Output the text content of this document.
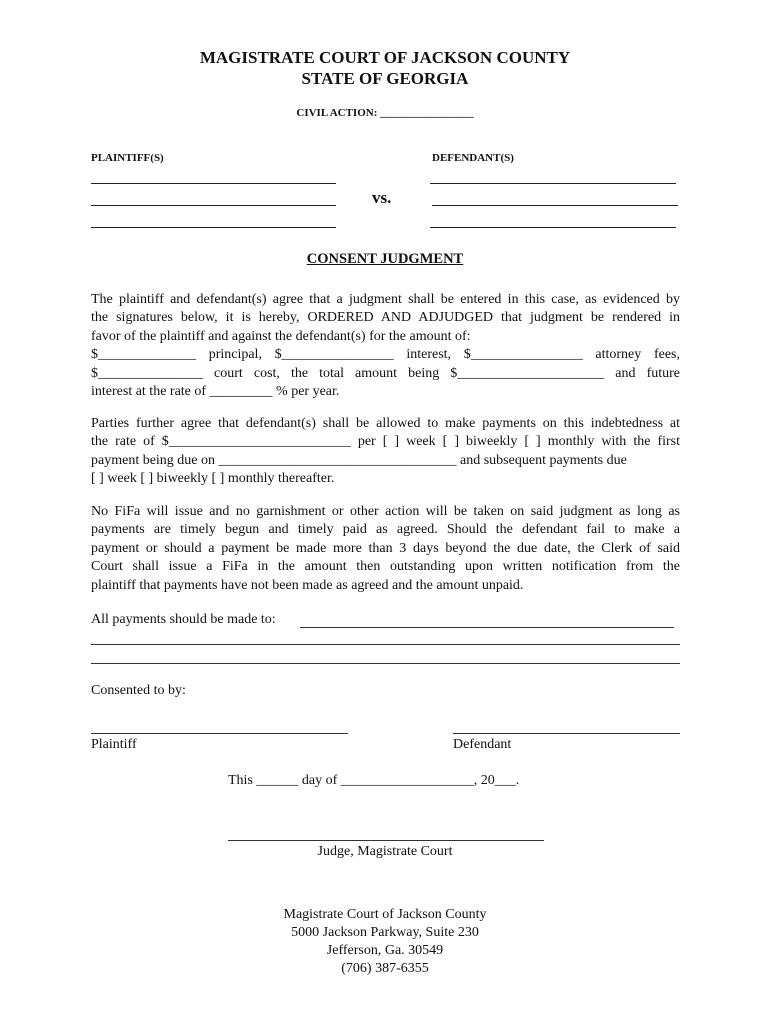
MAGISTRATE COURT OF JACKSON COUNTY
STATE OF GEORGIA
CIVIL ACTION: _________________
PLAINTIFF(S)	DEFENDANT(S)
vs.
CONSENT JUDGMENT
The plaintiff and defendant(s) agree that a judgment shall be entered in this case, as evidenced by
the signatures below, it is hereby, ORDERED AND ADJUDGED that judgment be rendered in
favor of the plaintiff and against the defendant(s) for the amount of:
$______________ principal, $________________ interest, $________________ attorney fees,
$_______________ court cost, the total amount being $_____________________ and future
interest at the rate of _________ % per year.
Parties further agree that defendant(s) shall be allowed to make payments on this indebtedness at
the rate of $__________________________ per [ ] week [ ] biweekly [ ] monthly with the first
payment being due on __________________________________ and subsequent payments due
[ ] week [ ] biweekly [ ] monthly thereafter.
No FiFa will issue and no garnishment or other action will be taken on said judgment as long as
payments are timely begun and timely paid as agreed. Should the defendant fail to make a
payment or should a payment be made more than 3 days beyond the due date, the Clerk of said
Court shall issue a FiFa in the amount then outstanding upon written notification from the
plaintiff that payments have not been made as agreed and the amount unpaid.
All payments should be made to:
Consented to by:
Plaintiff	Defendant
This ______ day of ___________________, 20___.
Judge, Magistrate Court
Magistrate Court of Jackson County
5000 Jackson Parkway, Suite 230
Jefferson, Ga. 30549
(706) 387-6355
